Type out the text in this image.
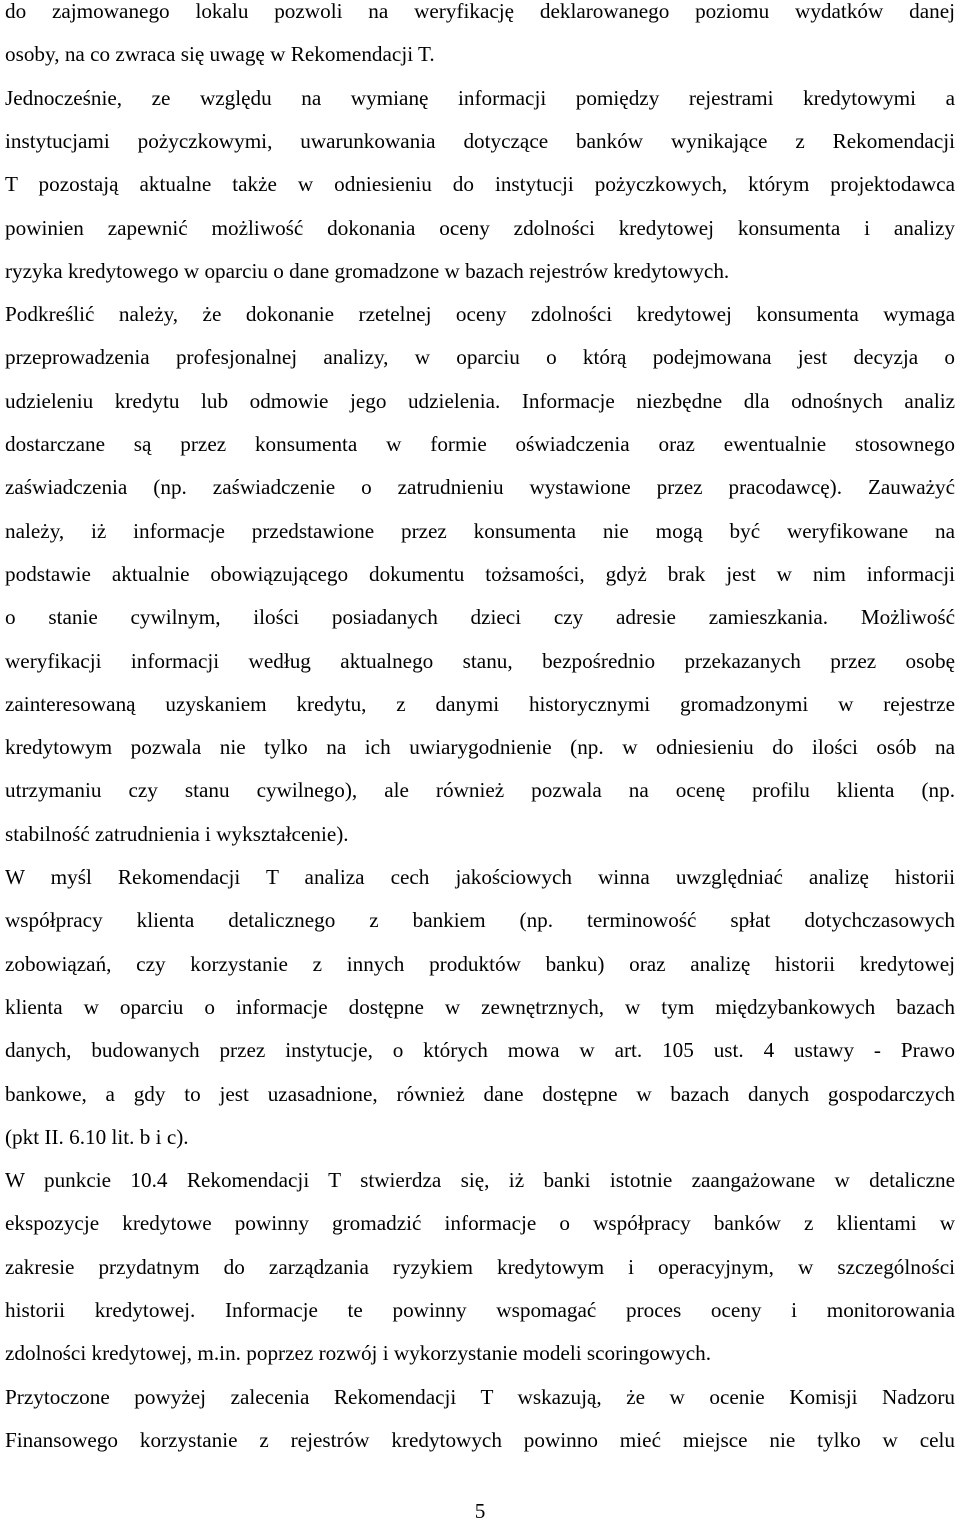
do zajmowanego lokalu pozwoli na weryfikację deklarowanego poziomu wydatków danej
osoby, na co zwraca się uwagę w Rekomendacji T.
Jednocześnie, ze względu na wymianę informacji pomiędzy rejestrami kredytowymi a
instytucjami pożyczkowymi, uwarunkowania dotyczące banków wynikające z Rekomendacji
T pozostają aktualne także w odniesieniu do instytucji pożyczkowych, którym projektodawca
powinien zapewnić możliwość dokonania oceny zdolności kredytowej konsumenta i analizy
ryzyka kredytowego w oparciu o dane gromadzone w bazach rejestrów kredytowych.
Podkreślić należy, że dokonanie rzetelnej oceny zdolności kredytowej konsumenta wymaga
przeprowadzenia profesjonalnej analizy, w oparciu o którą podejmowana jest decyzja o
udzieleniu kredytu lub odmowie jego udzielenia. Informacje niezbędne dla odnośnych analiz
dostarczane są przez konsumenta w formie oświadczenia oraz ewentualnie stosownego
zaświadczenia (np. zaświadczenie o zatrudnieniu wystawione przez pracodawcę). Zauważyć
należy, iż informacje przedstawione przez konsumenta nie mogą być weryfikowane na
podstawie aktualnie obowiązującego dokumentu tożsamości, gdyż brak jest w nim informacji
o stanie cywilnym, ilości posiadanych dzieci czy adresie zamieszkania. Możliwość
weryfikacji informacji według aktualnego stanu, bezpośrednio przekazanych przez osobę
zainteresowaną uzyskaniem kredytu, z danymi historycznymi gromadzonymi w rejestrze
kredytowym pozwala nie tylko na ich uwiarygodnienie (np. w odniesieniu do ilości osób na
utrzymaniu czy stanu cywilnego), ale również pozwala na ocenę profilu klienta (np.
stabilność zatrudnienia i wykształcenie).
W myśl Rekomendacji T analiza cech jakościowych winna uwzględniać analizę historii
współpracy klienta detalicznego z bankiem (np. terminowość spłat dotychczasowych
zobowiązań, czy korzystanie z innych produktów banku) oraz analizę historii kredytowej
klienta w oparciu o informacje dostępne w zewnętrznych, w tym międzybankowych bazach
danych, budowanych przez instytucje, o których mowa w art. 105 ust. 4 ustawy - Prawo
bankowe, a gdy to jest uzasadnione, również dane dostępne w bazach danych gospodarczych
(pkt II. 6.10 lit. b i c).
W punkcie 10.4 Rekomendacji T stwierdza się, iż banki istotnie zaangażowane w detaliczne
ekspozycje kredytowe powinny gromadzić informacje o współpracy banków z klientami w
zakresie przydatnym do zarządzania ryzykiem kredytowym i operacyjnym, w szczególności
historii kredytowej. Informacje te powinny wspomagać proces oceny i monitorowania
zdolności kredytowej, m.in. poprzez rozwój i wykorzystanie modeli scoringowych.
Przytoczone powyżej zalecenia Rekomendacji T wskazują, że w ocenie Komisji Nadzoru
Finansowego korzystanie z rejestrów kredytowych powinno mieć miejsce nie tylko w celu
5
